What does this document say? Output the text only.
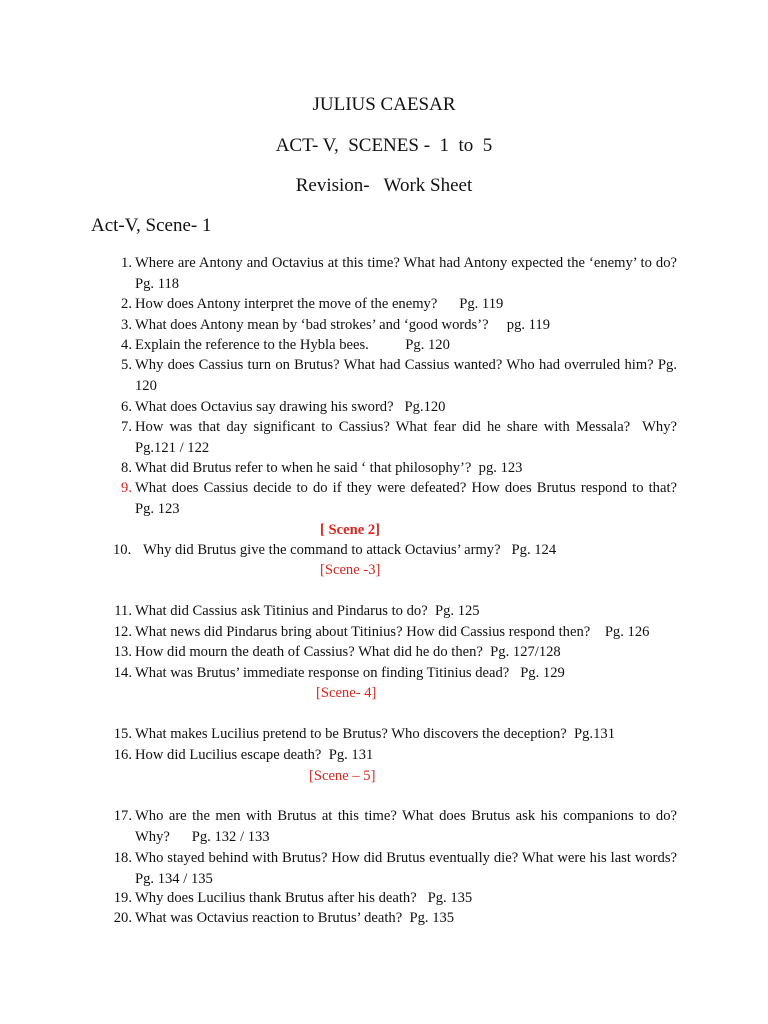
JULIUS CAESAR
ACT- V,  SCENES -  1  to  5
Revision-   Work Sheet
Act-V, Scene- 1
1. Where are Antony and Octavius at this time? What had Antony expected the ‘enemy’ to do?           Pg. 118
2. How does Antony interpret the move of the enemy?      Pg. 119
3. What does Antony mean by ‘bad strokes’ and ‘good words’?     pg. 119
4. Explain the reference to the Hybla bees.          Pg. 120
5. Why does Cassius turn on Brutus? What had Cassius wanted? Who had overruled him? Pg. 120
6. What does Octavius say drawing his sword?   Pg.120
7. How was that day significant to Cassius? What fear did he share with Messala?  Why? Pg.121 / 122
8. What did Brutus refer to when he said ‘ that philosophy’?  pg. 123
9. What does Cassius decide to do if they were defeated? How does Brutus respond to that? Pg. 123
[ Scene 2]
10. Why did Brutus give the command to attack Octavius’ army?   Pg. 124
[Scene -3]
11. What did Cassius ask Titinius and Pindarus to do?  Pg. 125
12. What news did Pindarus bring about Titinius? How did Cassius respond then?    Pg. 126
13. How did mourn the death of Cassius? What did he do then?  Pg. 127/128
14. What was Brutus’ immediate response on finding Titinius dead?   Pg. 129
[Scene- 4]
15. What makes Lucilius pretend to be Brutus? Who discovers the deception?  Pg.131
16. How did Lucilius escape death?  Pg. 131
[Scene – 5]
17. Who are the men with Brutus at this time? What does Brutus ask his companions to do? Why?      Pg. 132 / 133
18. Who stayed behind with Brutus? How did Brutus eventually die? What were his last words?    Pg. 134 / 135
19. Why does Lucilius thank Brutus after his death?   Pg. 135
20. What was Octavius reaction to Brutus’ death?  Pg. 135
